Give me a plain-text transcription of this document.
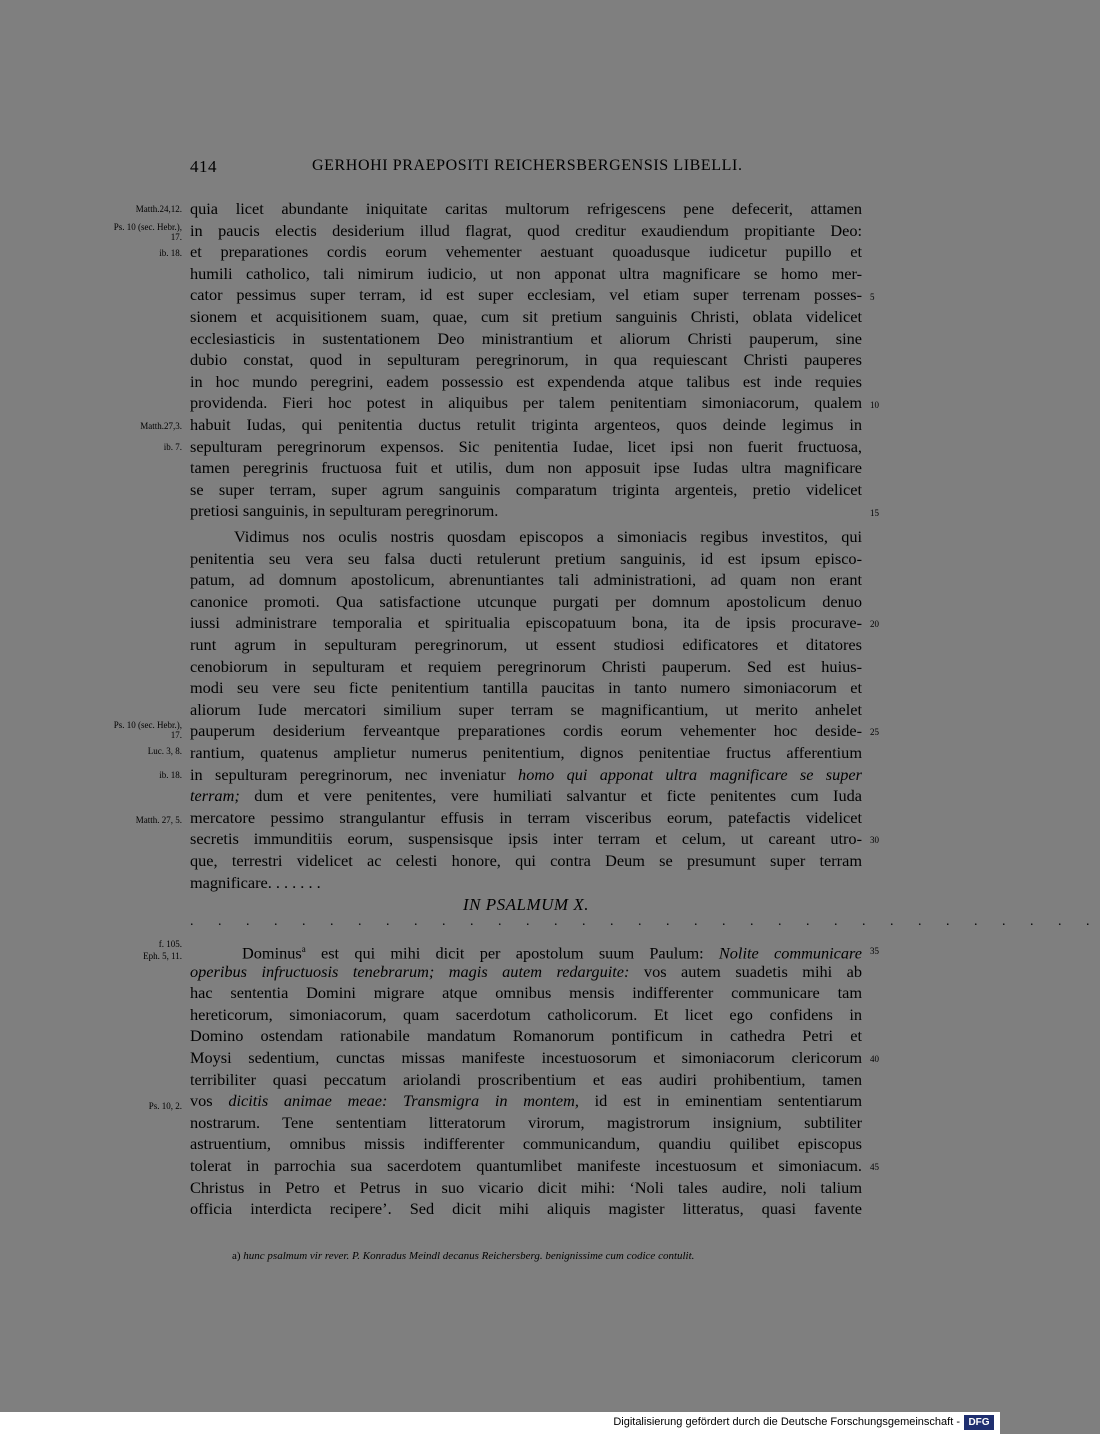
414	GERHOHI PRAEPOSITI REICHERSBERGENSIS LIBELLI.
quia licet abundante iniquitate caritas multorum refrigescens pene defecerit, attamen
in paucis electis desiderium illud flagrat, quod creditur exaudiendum propitiante Deo:
et preparationes cordis eorum vehementer aestuant quoadusque iudicetur pupillo et
humili catholico, tali nimirum iudicio, ut non apponat ultra magnificare se homo mer-
cator pessimus super terram, id est super ecclesiam, vel etiam super terrenam posses-
sionem et acquisitionem suam, quae, cum sit pretium sanguinis Christi, oblata videlicet
ecclesiasticis in sustentationem Deo ministrantium et aliorum Christi pauperum, sine
dubio constat, quod in sepulturam peregrinorum, in qua requiescant Christi pauperes
in hoc mundo peregrini, eadem possessio est expendenda atque talibus est inde requies
providenda. Fieri hoc potest in aliquibus per talem penitentiam simoniacorum, qualem
habuit Iudas, qui penitentia ductus retulit triginta argenteos, quos deinde legimus in
sepulturam peregrinorum expensos. Sic penitentia Iudae, licet ipsi non fuerit fructuosa,
tamen peregrinis fructuosa fuit et utilis, dum non apposuit ipse Iudas ultra magnificare
se super terram, super agrum sanguinis comparatum triginta argenteis, pretio videlicet
pretiosi sanguinis, in sepulturam peregrinorum.
Vidimus nos oculis nostris quosdam episcopos a simoniacis regibus investitos, qui
penitentia seu vera seu falsa ducti retulerunt pretium sanguinis, id est ipsum episco-
patum, ad domnum apostolicum, abrenuntiantes tali administrationi, ad quam non erant
canonice promoti. Qua satisfactione utcunque purgati per domnum apostolicum denuo
iussi administrare temporalia et spiritualia episcopatuum bona, ita de ipsis procurave-
runt agrum in sepulturam peregrinorum, ut essent studiosi edificatores et ditatores
cenobiorum in sepulturam et requiem peregrinorum Christi pauperum. Sed est huius-
modi seu vere seu ficte penitentium tantilla paucitas in tanto numero simoniacorum et
aliorum Iude mercatori similium super terram se magnificantium, ut merito anhelet
pauperum desiderium ferveantque preparationes cordis eorum vehementer hoc deside-
rantium, quatenus amplietur numerus penitentium, dignos penitentiae fructus afferentium
in sepulturam peregrinorum, nec inveniatur homo qui apponat ultra magnificare se super
terram; dum et vere penitentes, vere humiliati salvantur et ficte penitentes cum Iuda
mercatore pessimo strangulantur effusis in terram visceribus eorum, patefactis videlicet
secretis immunditiis eorum, suspensisque ipsis inter terram et celum, ut careant utro-
que, terrestri videlicet ac celesti honore, qui contra Deum se presumunt super terram
magnificare. . . . . . .
IN PSALMUM X.
. . . . . . . . . . . . . . . . . . . . . . . . . . . . . . . . .
Dominus$^a$ est qui mihi dicit per apostolum suum Paulum: Nolite communicare
operibus infructuosis tenebrarum; magis autem redarguite: vos autem suadetis mihi ab
hac sententia Domini migrare atque omnibus mensis indifferenter communicare tam
hereticorum, simoniacorum, quam sacerdotum catholicorum. Et licet ego confidens in
Domino ostendam rationabile mandatum Romanorum pontificum in cathedra Petri et
Moysi sedentium, cunctas missas manifeste incestuosorum et simoniacorum clericorum
terribiliter quasi peccatum ariolandi proscribentium et eas audiri prohibentium, tamen
vos dicitis animae meae: Transmigra in montem, id est in eminentiam sententiarum
nostrarum. Tene sententiam litteratorum virorum, magistrorum insignium, subtiliter
astruentium, omnibus missis indifferenter communicandum, quandiu quilibet episcopus
tolerat in parrochia sua sacerdotem quantumlibet manifeste incestuosum et simoniacum.
Christus in Petro et Petrus in suo vicario dicit mihi: ‘Noli tales audire, noli talium
officia interdicta recipere’. Sed dicit mihi aliquis magister litteratus, quasi favente
Matth.24,12.
Ps. 10 (sec. Hebr.), 17.
ib. 18.
Matth.27,3.
ib. 7.
Ps. 10 (sec. Hebr.), 17.
Luc. 3, 8.
ib. 18.
Matth. 27, 5.
f. 105.
Eph. 5, 11.
Ps. 10, 2.
5
10
15
20
25
30
35
40
45
a) hunc psalmum vir rever. P. Konradus Meindl decanus Reichersberg. benignissime cum codice contulit.
Digitalisierung gefördert durch die Deutsche Forschungsgemeinschaft - DFG
